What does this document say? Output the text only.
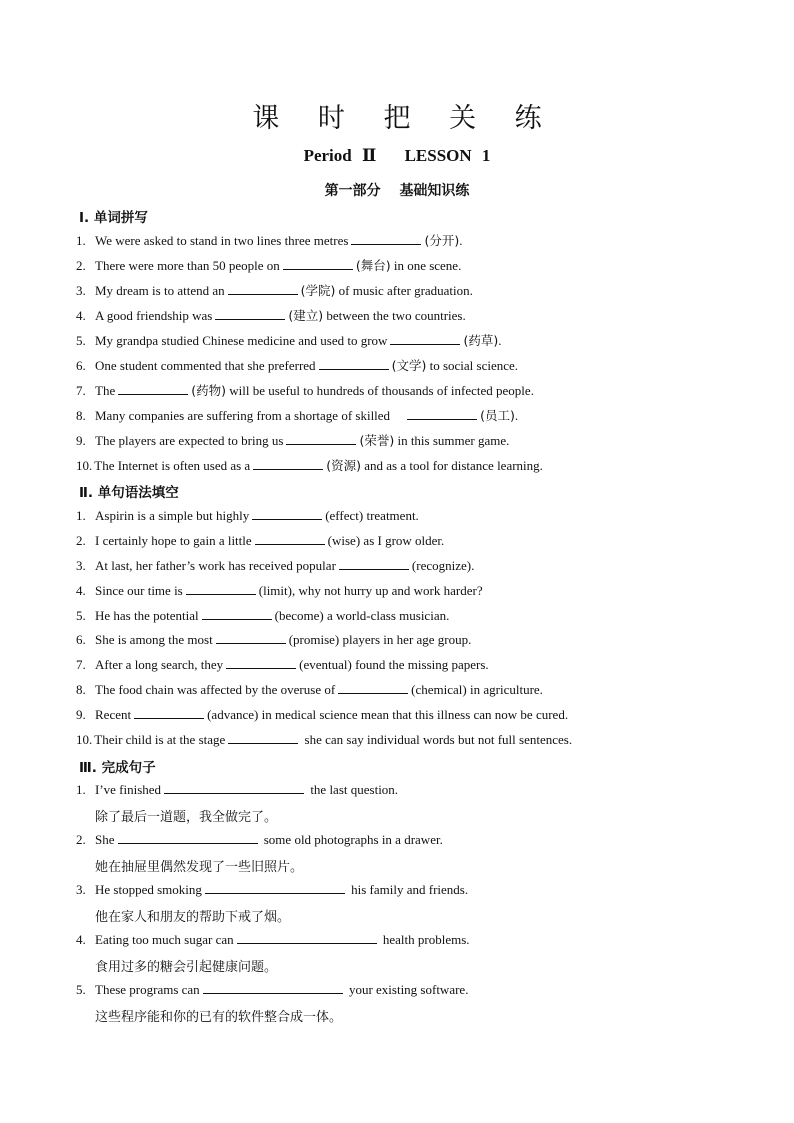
课 时 把 关 练
Period Ⅱ LESSON 1
第一部分 基础知识练
Ⅰ. 单词拼写
1. We were asked to stand in two lines three metres	(分开).
2. There were more than 50 people on	(舞台) in one scene.
3. My dream is to attend an	(学院) of music after graduation.
4. A good friendship was	(建立) between the two countries.
5. My grandpa studied Chinese medicine and used to grow	(药草).
6. One student commented that she preferred	(文学) to social science.
7. The	(药物) will be useful to hundreds of thousands of infected people.
8. Many companies are suffering from a shortage of skilled	(员工).
9. The players are expected to bring us	(荣誉) in this summer game.
10. The Internet is often used as a	(资源) and as a tool for distance learning.
Ⅱ. 单句语法填空
1. Aspirin is a simple but highly	(effect) treatment.
2. I certainly hope to gain a little	(wise) as I grow older.
3. At last, her father’s work has received popular	(recognize).
4. Since our time is	(limit), why not hurry up and work harder?
5. He has the potential	(become) a world-class musician.
6. She is among the most	(promise) players in her age group.
7. After a long search, they	(eventual) found the missing papers.
8. The food chain was affected by the overuse of	(chemical) in agriculture.
9. Recent	(advance) in medical science mean that this illness can now be cured.
10. Their child is at the stage	she can say individual words but not full sentences.
Ⅲ. 完成句子
1. I’ve finished	the last question.
除了最后一道题，我全做完了。
2. She	some old photographs in a drawer.
她在抽屉里偶然发现了一些旧照片。
3. He stopped smoking	his family and friends.
他在家人和朋友的帮助下戒了烟。
4. Eating too much sugar can	health problems.
食用过多的糖会引起健康问题。
5. These programs can	your existing software.
这些程序能和你的已有的软件整合成一体。
